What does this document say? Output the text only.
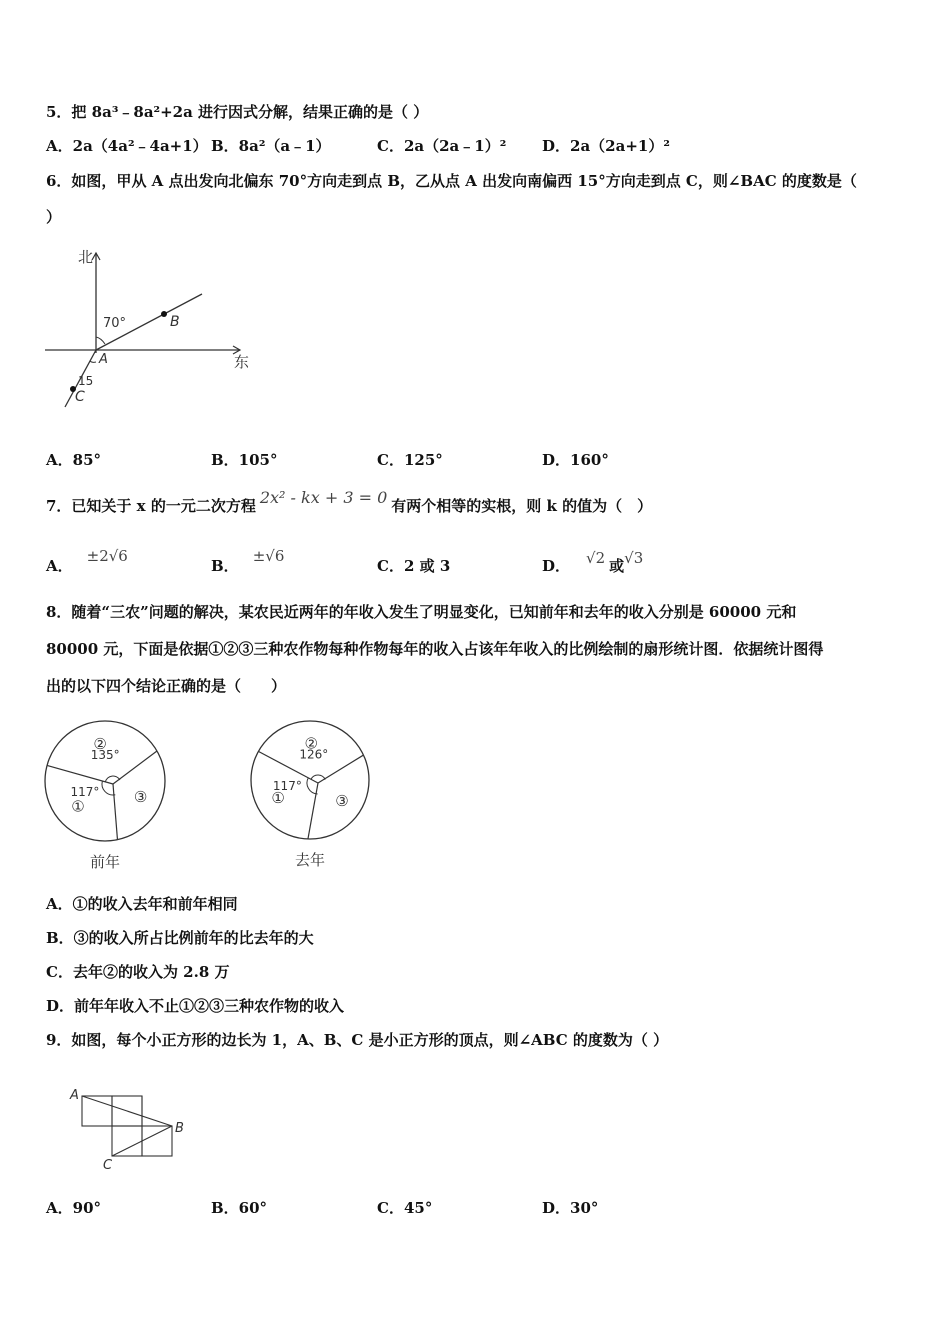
5．把 8a³﹣8a²+2a 进行因式分解，结果正确的是（ ）
A．2a（4a²﹣4a+1） B．8a²（a﹣1）	C．2a（2a﹣1）² D．2a（2a+1）²
6．如图，甲从 A 点出发向北偏东 70°方向走到点 B，乙从点 A 出发向南偏西 15°方向走到点 C，则∠BAC 的度数是（
）
北
东
70°
15
A
B
C
A．85°	B．105°	C．125°	D．160°
7．已知关于 x 的一元二次方程 2x² - kx + 3 = 0 有两个相等的实根，则 k 的值为（　）
A．±2√6
B．±√6
C．2 或 3	D． √2 或√3
8．随着“三农”问题的解决，某农民近两年的年收入发生了明显变化，已知前年和去年的收入分别是 60000 元和
80000 元，下面是依据①②③三种农作物每种作物每年的收入占该年年收入的比例绘制的扇形统计图．依据统计图得
出的以下四个结论正确的是（　　）
②
①
③
135°
117°
前年
②
①	③
126°
117°
去年
A．①的收入去年和前年相同
B．③的收入所占比例前年的比去年的大
C．去年②的收入为 2.8 万
D．前年年收入不止①②③三种农作物的收入
9．如图，每个小正方形的边长为 1，A、B、C 是小正方形的顶点，则∠ABC 的度数为（ ）
A
B
C
A．90°	B．60°	C．45°	D．30°
